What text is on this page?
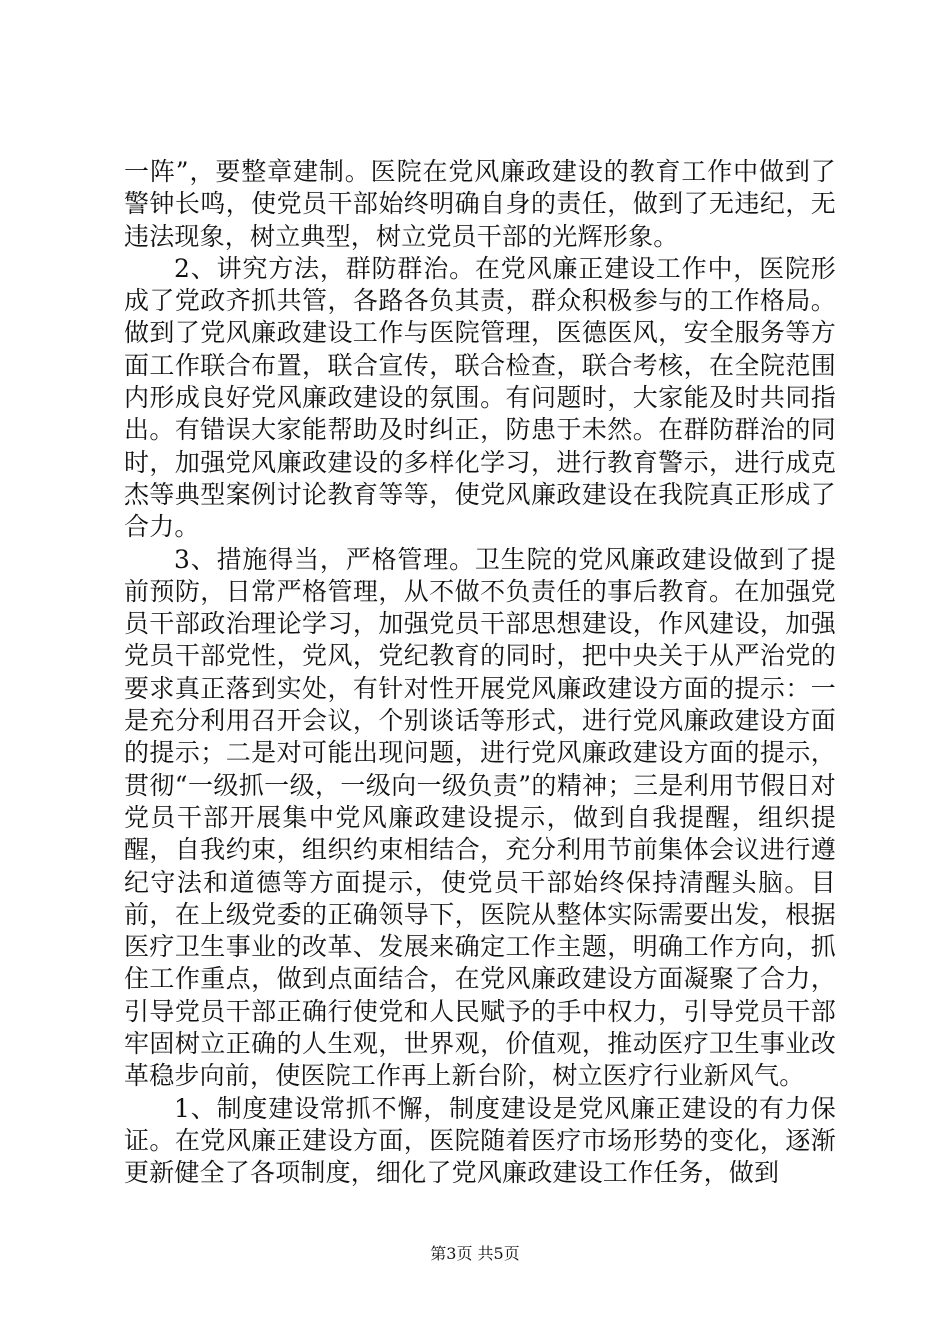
一阵”，要整章建制。医院在党风廉政建设的教育工作中做到了警钟长鸣，使党员干部始终明确自身的责任，做到了无违纪，无违法现象，树立典型，树立党员干部的光辉形象。

2、讲究方法，群防群治。在党风廉正建设工作中，医院形成了党政齐抓共管，各路各负其责，群众积极参与的工作格局。做到了党风廉政建设工作与医院管理，医德医风，安全服务等方面工作联合布置，联合宣传，联合检查，联合考核，在全院范围内形成良好党风廉政建设的氛围。有问题时，大家能及时共同指出。有错误大家能帮助及时纠正，防患于未然。在群防群治的同时，加强党风廉政建设的多样化学习，进行教育警示，进行成克杰等典型案例讨论教育等等，使党风廉政建设在我院真正形成了合力。

3、措施得当，严格管理。卫生院的党风廉政建设做到了提前预防，日常严格管理，从不做不负责任的事后教育。在加强党员干部政治理论学习，加强党员干部思想建设，作风建设，加强党员干部党性，党风，党纪教育的同时，把中央关于从严治党的要求真正落到实处，有针对性开展党风廉政建设方面的提示：一是充分利用召开会议，个别谈话等形式，进行党风廉政建设方面的提示；二是对可能出现问题，进行党风廉政建设方面的提示，贯彻“一级抓一级，一级向一级负责”的精神；三是利用节假日对党员干部开展集中党风廉政建设提示，做到自我提醒，组织提醒，自我约束，组织约束相结合，充分利用节前集体会议进行遵纪守法和道德等方面提示，使党员干部始终保持清醒头脑。目前，在上级党委的正确领导下，医院从整体实际需要出发，根据医疗卫生事业的改革、发展来确定工作主题，明确工作方向，抓住工作重点，做到点面结合，在党风廉政建设方面凝聚了合力，引导党员干部正确行使党和人民赋予的手中权力，引导党员干部牢固树立正确的人生观，世界观，价值观，推动医疗卫生事业改革稳步向前，使医院工作再上新台阶，树立医疗行业新风气。

1、制度建设常抓不懈，制度建设是党风廉正建设的有力保证。在党风廉正建设方面，医院随着医疗市场形势的变化，逐渐更新健全了各项制度，细化了党风廉政建设工作任务，做到

第3页 共5页
